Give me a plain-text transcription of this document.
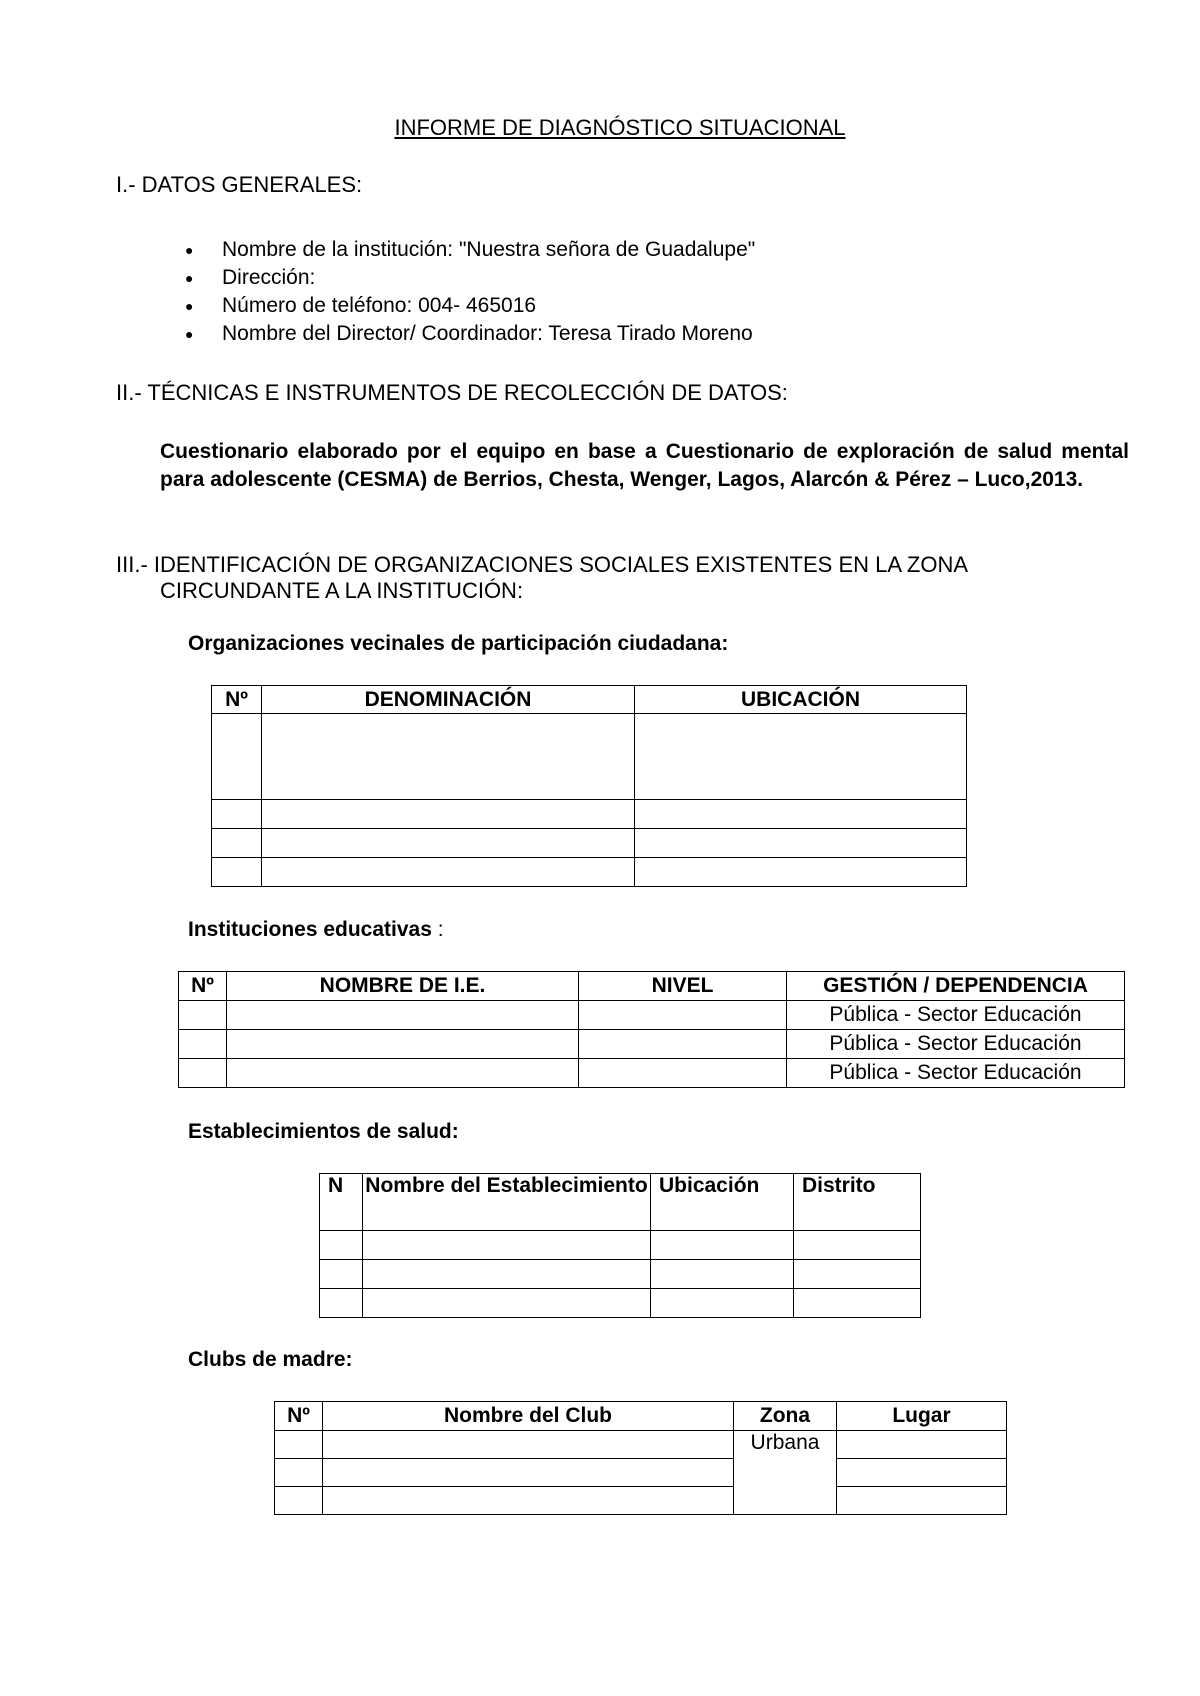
INFORME DE DIAGNÓSTICO SITUACIONAL
I.- DATOS GENERALES:
● Nombre de la institución: "Nuestra señora de Guadalupe"
● Dirección:
● Número de teléfono: 004- 465016
● Nombre del Director/ Coordinador: Teresa Tirado Moreno
II.- TÉCNICAS E INSTRUMENTOS DE RECOLECCIÓN DE DATOS:
Cuestionario elaborado por el equipo en base a Cuestionario de exploración de salud mental para adolescente (CESMA) de Berrios, Chesta, Wenger, Lagos, Alarcón & Pérez – Luco,2013.
III.- IDENTIFICACIÓN DE ORGANIZACIONES SOCIALES EXISTENTES EN LA ZONA
CIRCUNDANTE A LA INSTITUCIÓN:
Organizaciones vecinales de participación ciudadana:
Nº	DENOMINACIÓN	UBICACIÓN

Instituciones educativas :
Nº	NOMBRE DE I.E.	NIVEL	GESTIÓN / DEPENDENCIA
			Pública - Sector Educación
			Pública - Sector Educación
			Pública - Sector Educación
Establecimientos de salud:
N	Nombre del Establecimiento	Ubicación	Distrito

Clubs de madre:
Nº	Nombre del Club	Zona	Lugar
		Urbana	
